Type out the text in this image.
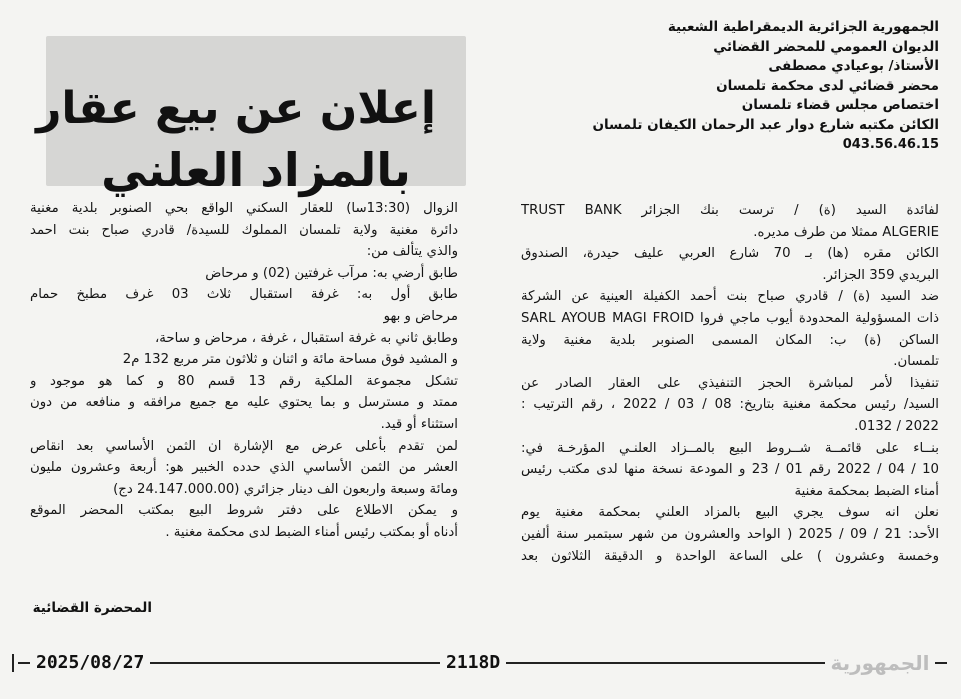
الجمهورية الجزائرية الديمقراطية الشعبية
الديوان العمومي للمحضر القضائي
الأستاذ/ بوعيادي مصطفى
محضر قضائي لدى محكمة تلمسان
اختصاص مجلس قضاء تلمسان
الكائن مكتبه شارع دوار عبد الرحمان الكيفان تلمسان
043.56.46.15
إعلان عن بيع عقار
بالمزاد العلني
لفائدة السيد (ة) / ترست بنك الجزائر TRUST BANK
ALGERIE ممثلا من طرف مديره.
الكائن مقره (ها) بـ 70 شارع العربي عليف حيدرة، الصندوق
البريدي 359 الجزائر.
ضد السيد (ة) / قادري صباح بنت أحمد الكفيلة العينية عن الشركة
ذات المسؤولية المحدودة أيوب ماجي فروا SARL AYOUB MAGI FROID
الساكن (ة) ب: المكان المسمى الصنوبر بلدية مغنية ولاية
تلمسان.
تنفيذا لأمر لمباشرة الحجز التنفيذي على العقار الصادر عن
السيد/ رئيس محكمة مغنية بتاريخ: 08 / 03 / 2022 ، رقم الترتيب :
2022 / 0132.
بنــاء على قائمــة شــروط البيع بالمــزاد العلنـي المؤرخـة في:
10 / 04 / 2022 رقم 01 / 23 و المودعة نسخة منها لدى مكتب رئيس
أمناء الضبط بمحكمة مغنية
نعلن انه سوف يجري البيع بالمزاد العلني بمحكمة مغنية يوم
الأحد: 21 / 09 / 2025 ( الواحد والعشرون من شهر سبتمبر سنة ألفين
وخمسة وعشرون ) على الساعة الواحدة و الدقيقة الثلاثون بعد
الزوال (13:30سا) للعقار السكني الواقع بحي الصنوبر بلدية مغنية
دائرة مغنية ولاية تلمسان المملوك للسيدة/ قادري صباح بنت احمد
والذي يتألف من:
طابق أرضي به: مرآب غرفتين (02) و مرحاض
طابق أول به: غرفة استقبال ثلاث 03 غرف مطبخ حمام
مرحاض و بهو
وطابق ثاني به غرفة استقبال ، غرفة ، مرحاض و ساحة،
و المشيد فوق مساحة مائة و اثنان و ثلاثون متر مربع 132 م2
تشكل مجموعة الملكية رقم 13 قسم 80 و كما هو موجود و
ممتد و مسترسل و بما يحتوي عليه مع جميع مرافقه و منافعه من دون
استثناء أو قيد.
لمن تقدم بأعلى عرض مع الإشارة ان الثمن الأساسي بعد انقاص
العشر من الثمن الأساسي الذي حدده الخبير هو: أربعة وعشرون مليون
ومائة وسبعة واربعون الف دينار جزائري (24.147.000.00 دج)
و يمكن الاطلاع على دفتر شروط البيع بمكتب المحضر الموقع
أدناه أو بمكتب رئيس أمناء الضبط لدى محكمة مغنية .
المحضرة القضائية
2025/08/27	2118D	الجمهورية
